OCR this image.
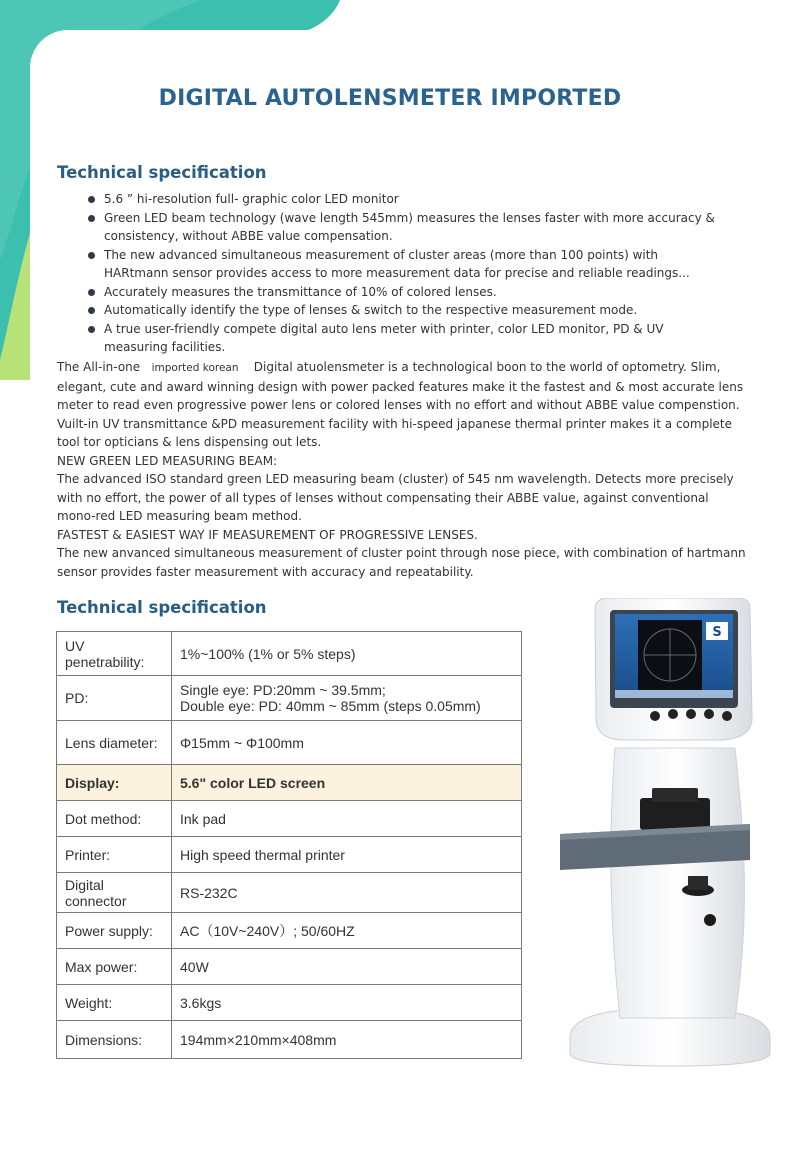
DIGITAL AUTOLENSMETER IMPORTED
Technical specification
5.6 ” hi-resolution full- graphic color LED monitor
Green LED beam technology (wave length 545mm) measures the lenses faster with more accuracy & consistency, without ABBE value compensation.
The new advanced simultaneous measurement of cluster areas (more than 100 points) with HARtmann sensor provides access to more measurement data for precise and reliable readings...
Accurately measures the transmittance of 10% of colored lenses.
Automatically identify the type of lenses & switch to the respective measurement mode.
A true user-friendly compete digital auto lens meter with printer, color LED monitor, PD & UV measuring facilities.
The All-in-one imported korean Digital atuolensmeter is a technological boon to the world of optometry. Slim, elegant, cute and award winning design with power packed features make it the fastest and & most accurate lens meter to read even progressive power lens or colored lenses with no effort and without ABBE value compenstion. Vuilt-in UV transmittance &PD measurement facility with hi-speed japanese thermal printer makes it a complete tool tor opticians & lens dispensing out lets.
NEW GREEN LED MEASURING BEAM:
The advanced ISO standard green LED measuring beam (cluster) of 545 nm wavelength. Detects more precisely with no effort, the power of all types of lenses without compensating their ABBE value, against conventional mono-red LED measuring beam method.
FASTEST & EASIEST WAY IF MEASUREMENT OF PROGRESSIVE LENSES.
The new anvanced simultaneous measurement of cluster point through nose piece, with combination of hartmann sensor provides faster measurement with accuracy and repeatability.
Technical specification
UV penetrability:	1%~100% (1% or 5% steps)
PD:	Single eye: PD:20mm ~ 39.5mm;
Double eye: PD: 40mm ~ 85mm (steps 0.05mm)

Lens diameter:	Φ15mm ~ Φ100mm
Display:	5.6" color LED screen
Dot method:	Ink pad
Printer:	High speed thermal printer
Digital connector	RS-232C
Power supply:	AC（10V~240V）; 50/60HZ
Max power:	40W
Weight:	3.6kgs
Dimensions:	194mm×210mm×408mm
S
